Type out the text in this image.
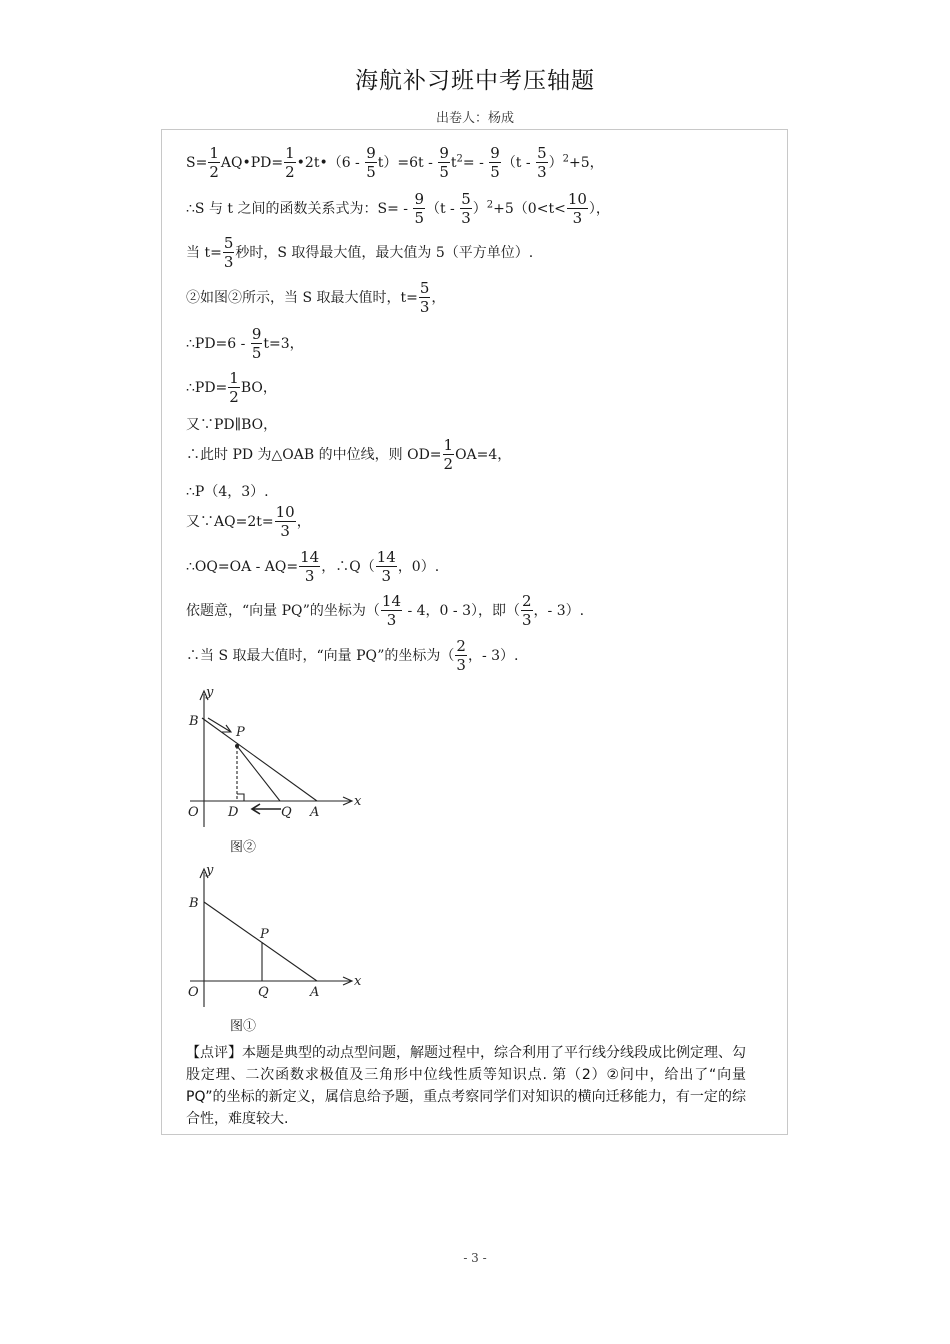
海航补习班中考压轴题
出卷人：杨成
$S= \frac{1}{2}$ AQ•PD= $\frac{1}{2}$ •2t•（6 - $\frac{9}{5} t)=6t - \frac{9}{5} t^2= - \frac{9}{5} (t - \frac{5}{3} )^2+5$，
∴S 与 t 之间的函数关系式为：$S= - \frac{9}{5} (t - \frac{5}{3} )^2+5(0<t< \frac{10}{3}$ ），
当 $t= \frac{5}{3}$ 秒时，S 取得最大值，最大值为 5（平方单位）.
②如图②所示，当 S 取最大值时，$t= \frac{5}{3}$ ，
∴PD=6 - $\frac{9}{5} t=3$，
∴PD= $\frac{1}{2}$ BO，
又∵PD∥BO，
∴此时 PD 为△OAB 的中位线，则 $OD= \frac{1}{2} OA=4$，
∴P（4，3）.
又∵AQ=2t= $\frac{10}{3}$ ，
∴OQ=OA - $AQ= \frac{14}{3}$ ，∴Q（ $\frac{14}{3}$ ，0）.
依题意，“向量 PQ”的坐标为（ $\frac{14}{3} - 4$，0 - 3），即（ $\frac{2}{3}$ ，- 3）.
∴当 S 取最大值时，“向量 PQ”的坐标为（ $\frac{2}{3}$ ，- 3）.
y
x
B
P
O D	Q A
图②
y
x
B
P
O	Q	A
图①
【点评】本题是典型的动点型问题，解题过程中，综合利用了平行线分线段成比例定理、勾股定理、二次函数求极值及三角形中位线性质等知识点. 第（2）②问中，给出了“向量 PQ”的坐标的新定义，属信息给予题，重点考察同学们对知识的横向迁移能力，有一定的综合性，难度较大.
- 3 -
